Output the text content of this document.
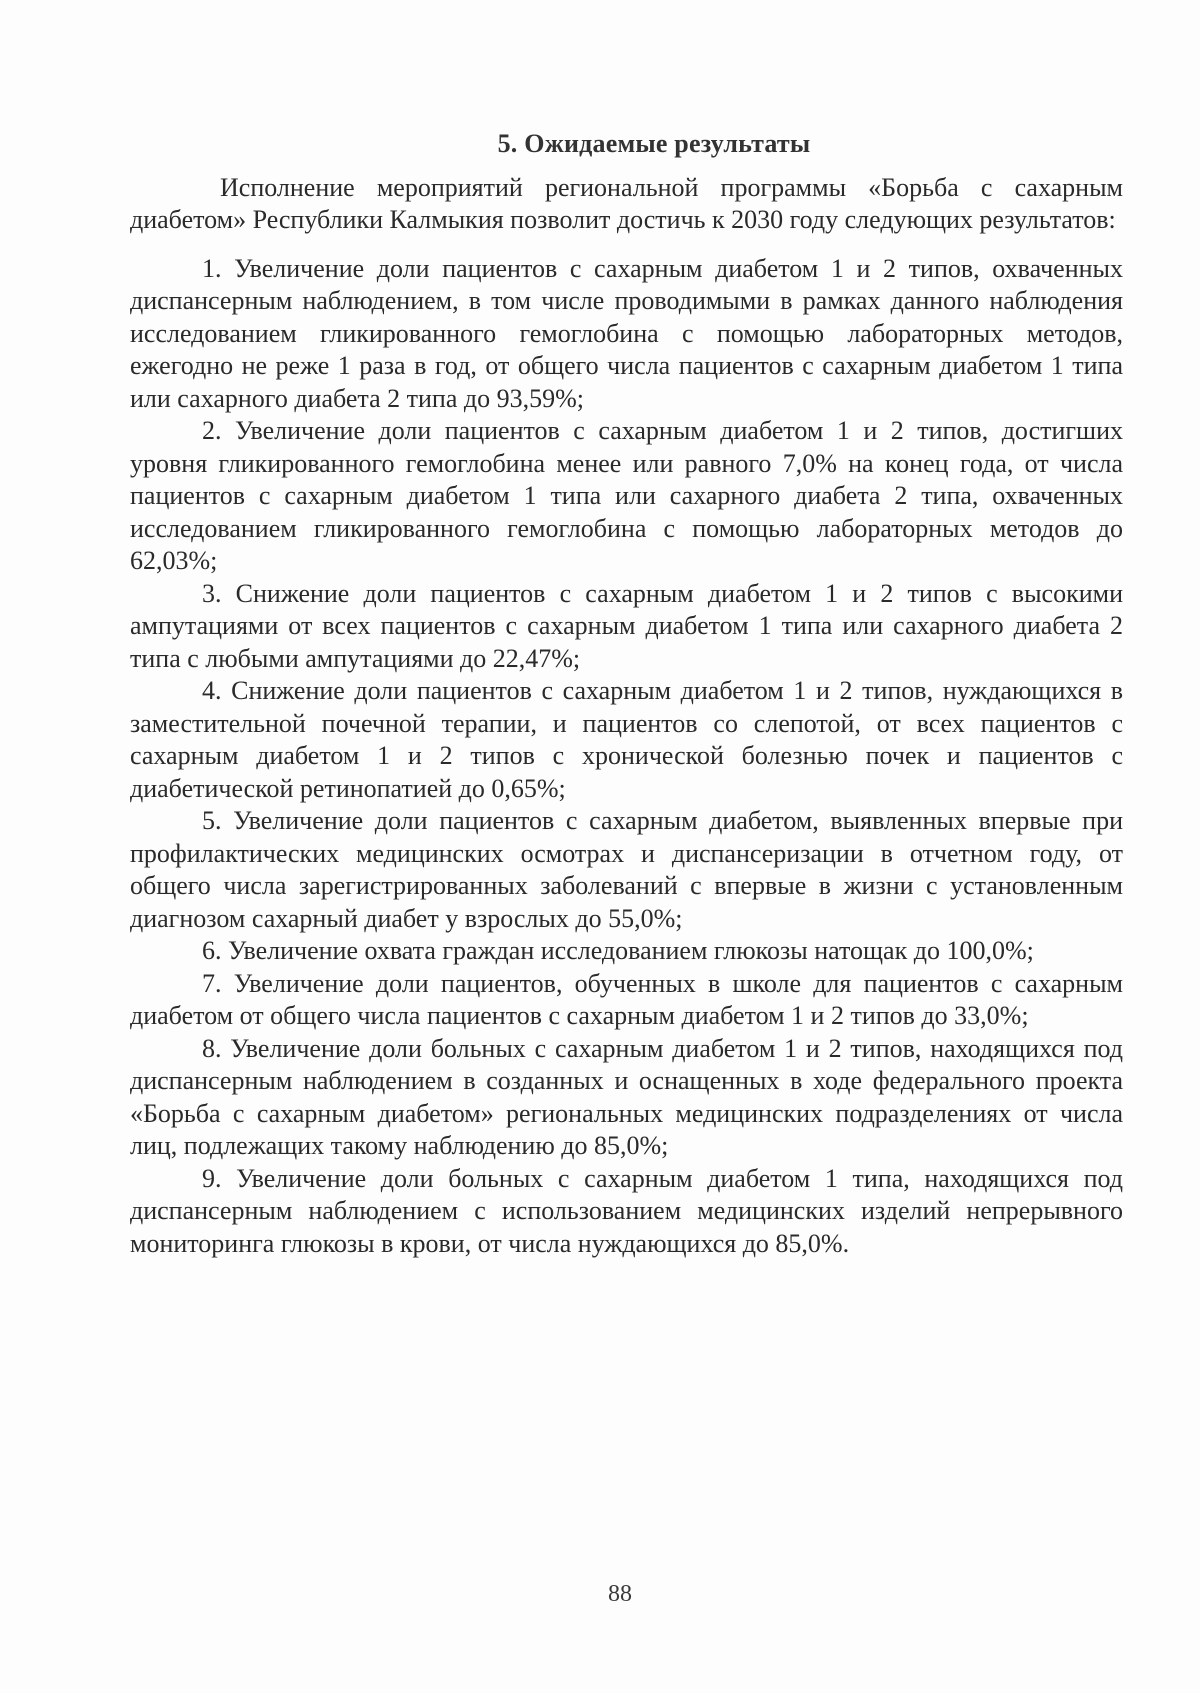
5. Ожидаемые результаты

Исполнение мероприятий региональной программы «Борьба с сахарным диабетом» Республики Калмыкия позволит достичь к 2030 году следующих результатов:

1. Увеличение доли пациентов с сахарным диабетом 1 и 2 типов, охваченных диспансерным наблюдением, в том числе проводимыми в рамках данного наблюдения исследованием гликированного гемоглобина с помощью лабораторных методов, ежегодно не реже 1 раза в год, от общего числа пациентов с сахарным диабетом 1 типа или сахарного диабета 2 типа до 93,59%;
2. Увеличение доли пациентов с сахарным диабетом 1 и 2 типов, достигших уровня гликированного гемоглобина менее или равного 7,0% на конец года, от числа пациентов с сахарным диабетом 1 типа или сахарного диабета 2 типа, охваченных исследованием гликированного гемоглобина с помощью лабораторных методов до 62,03%;
3. Снижение доли пациентов с сахарным диабетом 1 и 2 типов с высокими ампутациями от всех пациентов с сахарным диабетом 1 типа или сахарного диабета 2 типа с любыми ампутациями до 22,47%;
4. Снижение доли пациентов с сахарным диабетом 1 и 2 типов, нуждающихся в заместительной почечной терапии, и пациентов со слепотой, от всех пациентов с сахарным диабетом 1 и 2 типов с хронической болезнью почек и пациентов с диабетической ретинопатией до 0,65%;
5. Увеличение доли пациентов с сахарным диабетом, выявленных впервые при профилактических медицинских осмотрах и диспансеризации в отчетном году, от общего числа зарегистрированных заболеваний с впервые в жизни с установленным диагнозом сахарный диабет у взрослых до 55,0%;
6. Увеличение охвата граждан исследованием глюкозы натощак до 100,0%;
7. Увеличение доли пациентов, обученных в школе для пациентов с сахарным диабетом от общего числа пациентов с сахарным диабетом 1 и 2 типов до 33,0%;
8. Увеличение доли больных с сахарным диабетом 1 и 2 типов, находящихся под диспансерным наблюдением в созданных и оснащенных в ходе федерального проекта «Борьба с сахарным диабетом» региональных медицинских подразделениях от числа лиц, подлежащих такому наблюдению до 85,0%;
9. Увеличение доли больных с сахарным диабетом 1 типа, находящихся под диспансерным наблюдением с использованием медицинских изделий непрерывного мониторинга глюкозы в крови, от числа нуждающихся до 85,0%.
88
